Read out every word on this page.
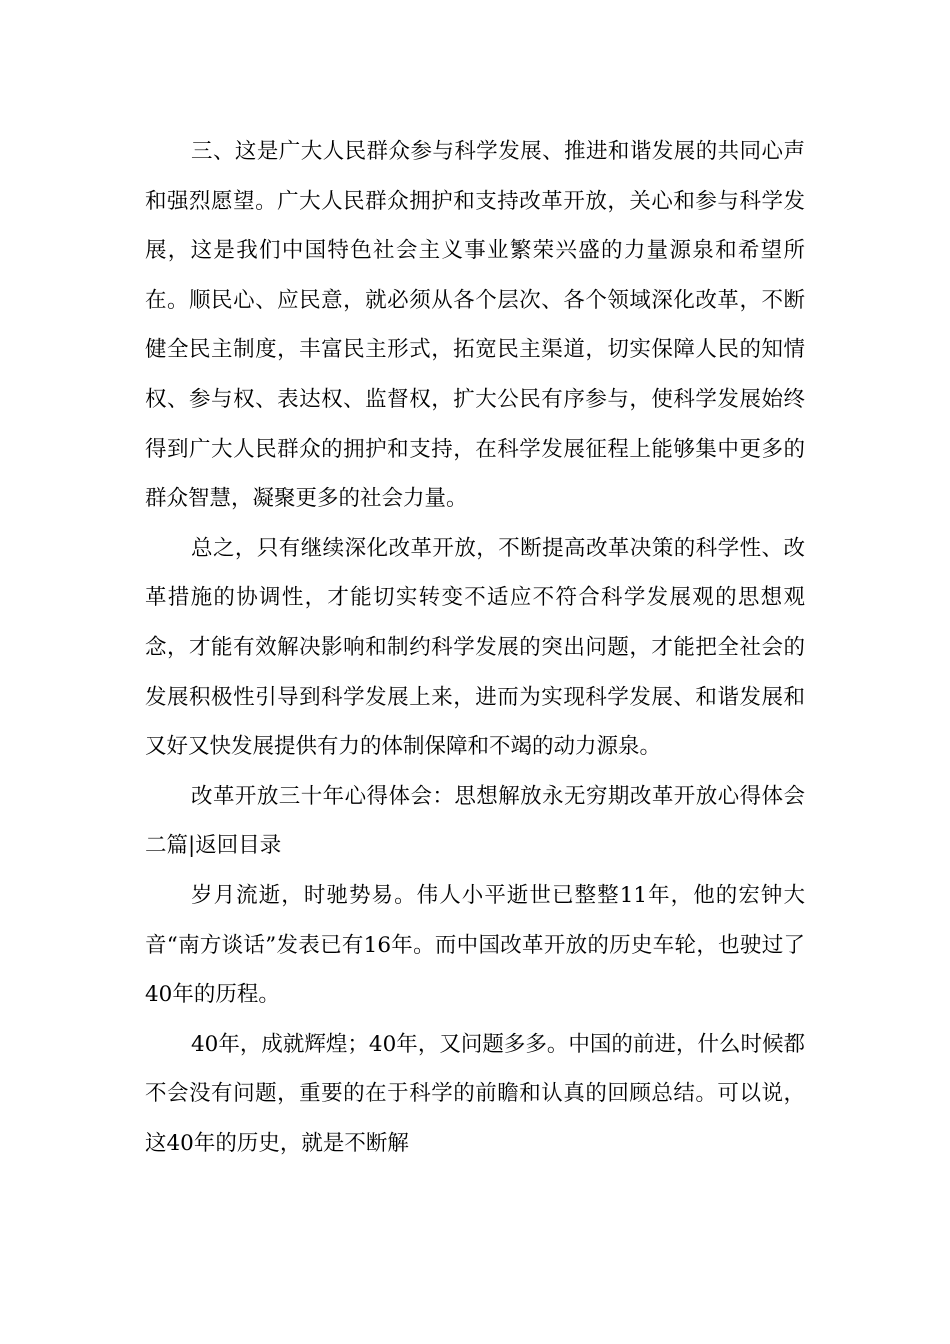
三、这是广大人民群众参与科学发展、推进和谐发展的共同心声和强烈愿望。广大人民群众拥护和支持改革开放，关心和参与科学发展，这是我们中国特色社会主义事业繁荣兴盛的力量源泉和希望所在。顺民心、应民意，就必须从各个层次、各个领域深化改革，不断健全民主制度，丰富民主形式，拓宽民主渠道，切实保障人民的知情权、参与权、表达权、监督权，扩大公民有序参与，使科学发展始终得到广大人民群众的拥护和支持，在科学发展征程上能够集中更多的群众智慧，凝聚更多的社会力量。

总之，只有继续深化改革开放，不断提高改革决策的科学性、改革措施的协调性，才能切实转变不适应不符合科学发展观的思想观念，才能有效解决影响和制约科学发展的突出问题，才能把全社会的发展积极性引导到科学发展上来，进而为实现科学发展、和谐发展和又好又快发展提供有力的体制保障和不竭的动力源泉。

改革开放三十年心得体会：思想解放永无穷期改革开放心得体会二篇|返回目录

岁月流逝，时驰势易。伟人小平逝世已整整11年，他的宏钟大音“南方谈话”发表已有16年。而中国改革开放的历史车轮，也驶过了40年的历程。

40年，成就辉煌；40年，又问题多多。中国的前进，什么时候都不会没有问题，重要的在于科学的前瞻和认真的回顾总结。可以说，这40年的历史，就是不断解
